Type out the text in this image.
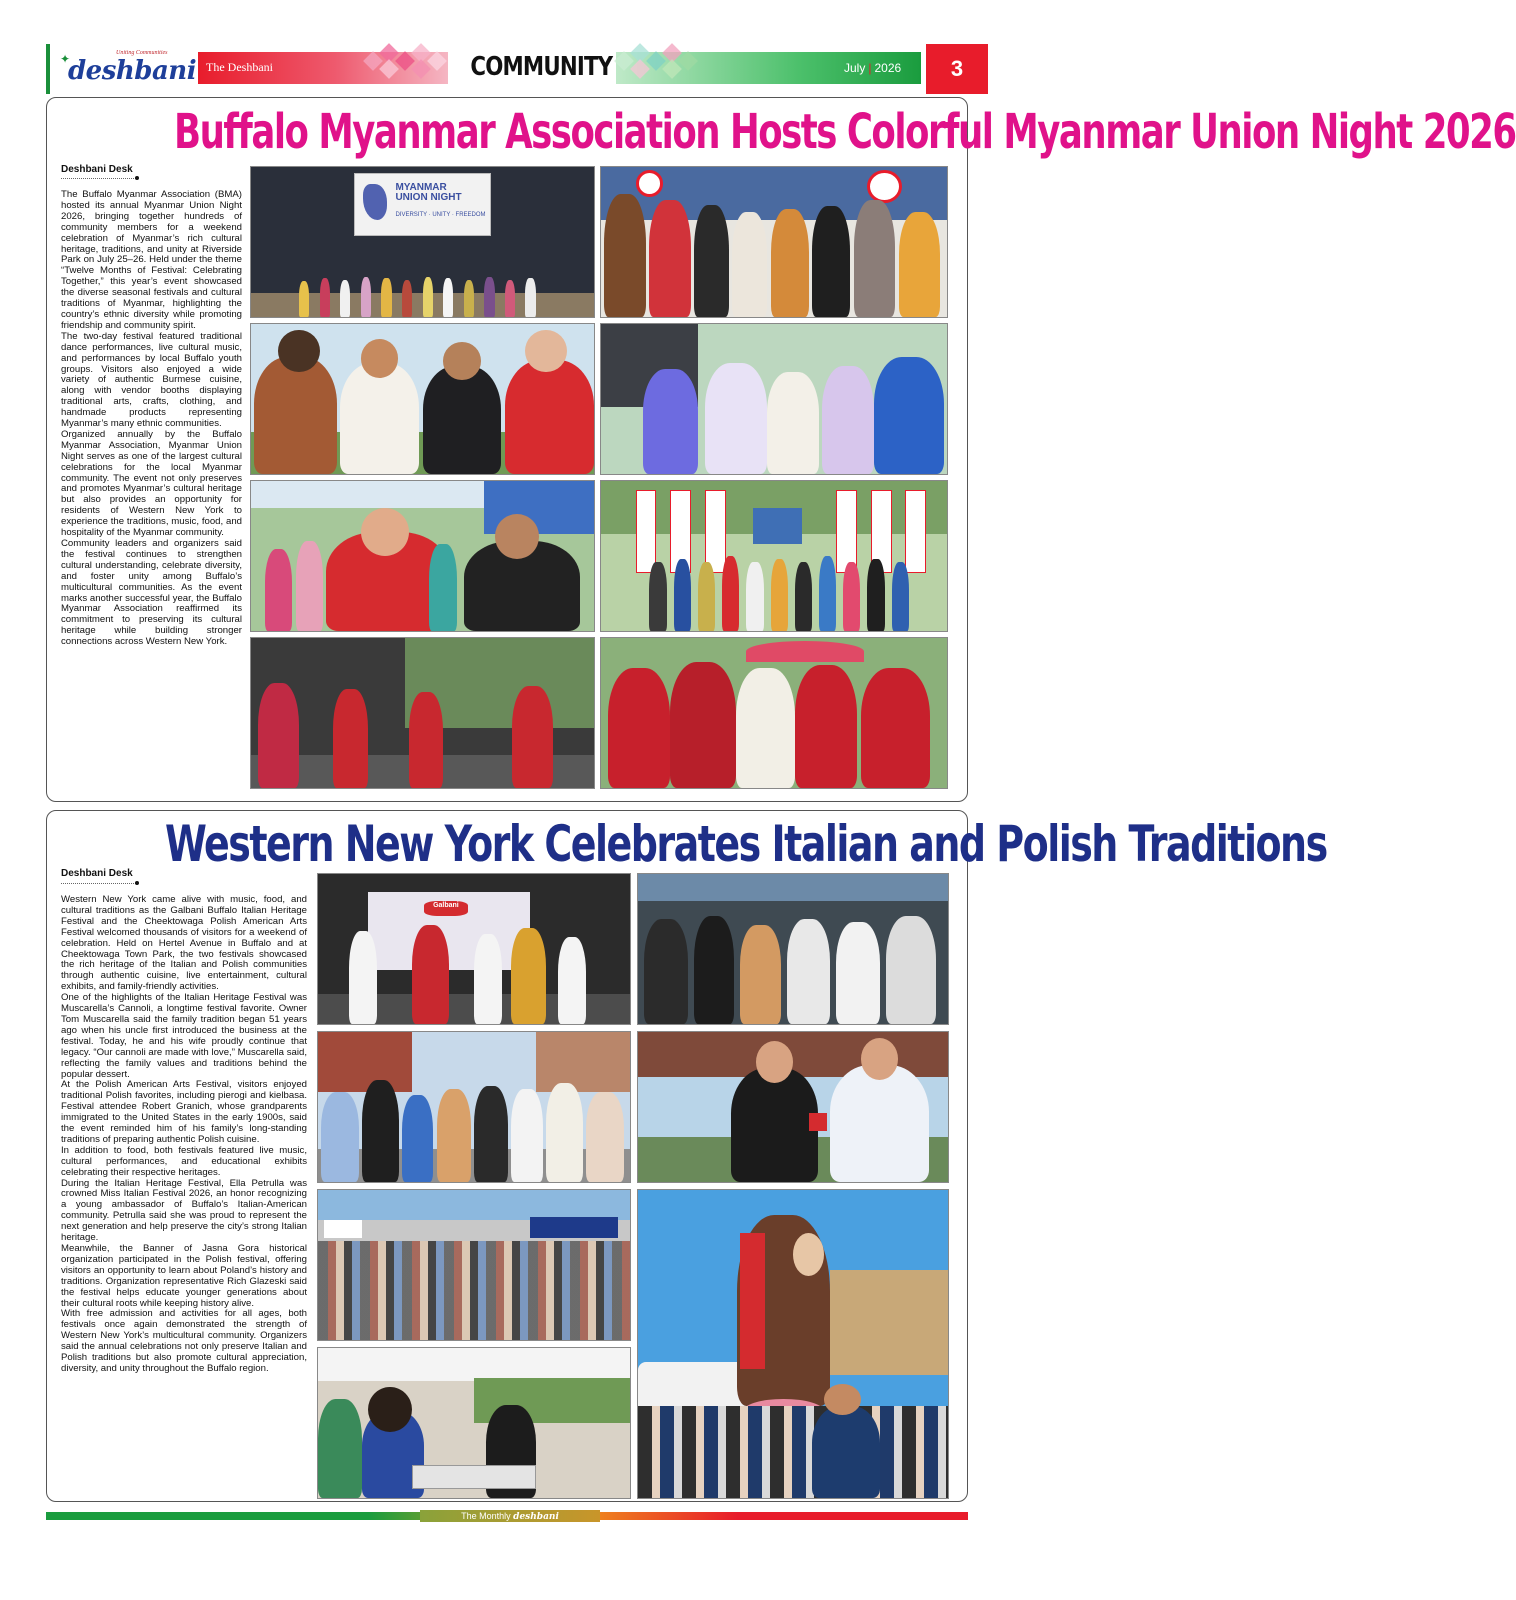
✦	Uniting Communities
deshbani The Deshbani	COMMUNITY	July | 2026	3
Buffalo Myanmar Association Hosts Colorful Myanmar Union Night 2026
Deshbani Desk

The Buffalo Myanmar Association (BMA) hosted its annual Myanmar Union Night 2026, bringing together hundreds of community members for a weekend celebration of Myanmar’s rich cultural heritage, traditions, and unity at Riverside Park on July 25–26. Held under the theme “Twelve Months of Festival: Celebrating Together,” this year’s event showcased the diverse seasonal festivals and cultural traditions of Myanmar, highlighting the country’s ethnic diversity while promoting friendship and community spirit.

The two-day festival featured traditional dance performances, live cultural music, and performances by local Buffalo youth groups. Visitors also enjoyed a wide variety of authentic Burmese cuisine, along with vendor booths displaying traditional arts, crafts, clothing, and handmade products representing Myanmar’s many ethnic communities.

Organized annually by the Buffalo Myanmar Association, Myanmar Union Night serves as one of the largest cultural celebrations for the local Myanmar community. The event not only preserves and promotes Myanmar’s cultural heritage but also provides an opportunity for residents of Western New York to experience the traditions, music, food, and hospitality of the Myanmar community.

Community leaders and organizers said the festival continues to strengthen cultural understanding, celebrate diversity, and foster unity among Buffalo’s multicultural communities. As the event marks another successful year, the Buffalo Myanmar Association reaffirmed its commitment to preserving its cultural heritage while building stronger connections across Western New York.

MYANMAR
UNION NIGHT
DIVERSITY · UNITY · FREEDOM
Western New York Celebrates Italian and Polish Traditions
Deshbani Desk

Western New York came alive with music, food, and cultural traditions as the Galbani Buffalo Italian Heritage Festival and the Cheektowaga Polish American Arts Festival welcomed thousands of visitors for a weekend of celebration. Held on Hertel Avenue in Buffalo and at Cheektowaga Town Park, the two festivals showcased the rich heritage of the Italian and Polish communities through authentic cuisine, live entertainment, cultural exhibits, and family-friendly activities.

One of the highlights of the Italian Heritage Festival was Muscarella’s Cannoli, a longtime festival favorite. Owner Tom Muscarella said the family tradition began 51 years ago when his uncle first introduced the business at the festival. Today, he and his wife proudly continue that legacy. “Our cannoli are made with love,” Muscarella said, reflecting the family values and traditions behind the popular dessert.

At the Polish American Arts Festival, visitors enjoyed traditional Polish favorites, including pierogi and kielbasa. Festival attendee Robert Granich, whose grandparents immigrated to the United States in the early 1900s, said the event reminded him of his family’s long-standing traditions of preparing authentic Polish cuisine.

In addition to food, both festivals featured live music, cultural performances, and educational exhibits celebrating their respective heritages.

During the Italian Heritage Festival, Ella Petrulla was crowned Miss Italian Festival 2026, an honor recognizing a young ambassador of Buffalo’s Italian-American community. Petrulla said she was proud to represent the next generation and help preserve the city’s strong Italian heritage.

Meanwhile, the Banner of Jasna Gora historical organization participated in the Polish festival, offering visitors an opportunity to learn about Poland’s history and traditions. Organization representative Rich Glazeski said the festival helps educate younger generations about their cultural roots while keeping history alive.

With free admission and activities for all ages, both festivals once again demonstrated the strength of Western New York’s multicultural community. Organizers said the annual celebrations not only preserve Italian and Polish traditions but also promote cultural appreciation, diversity, and unity throughout the Buffalo region.

Galbani
The Monthly deshbani
